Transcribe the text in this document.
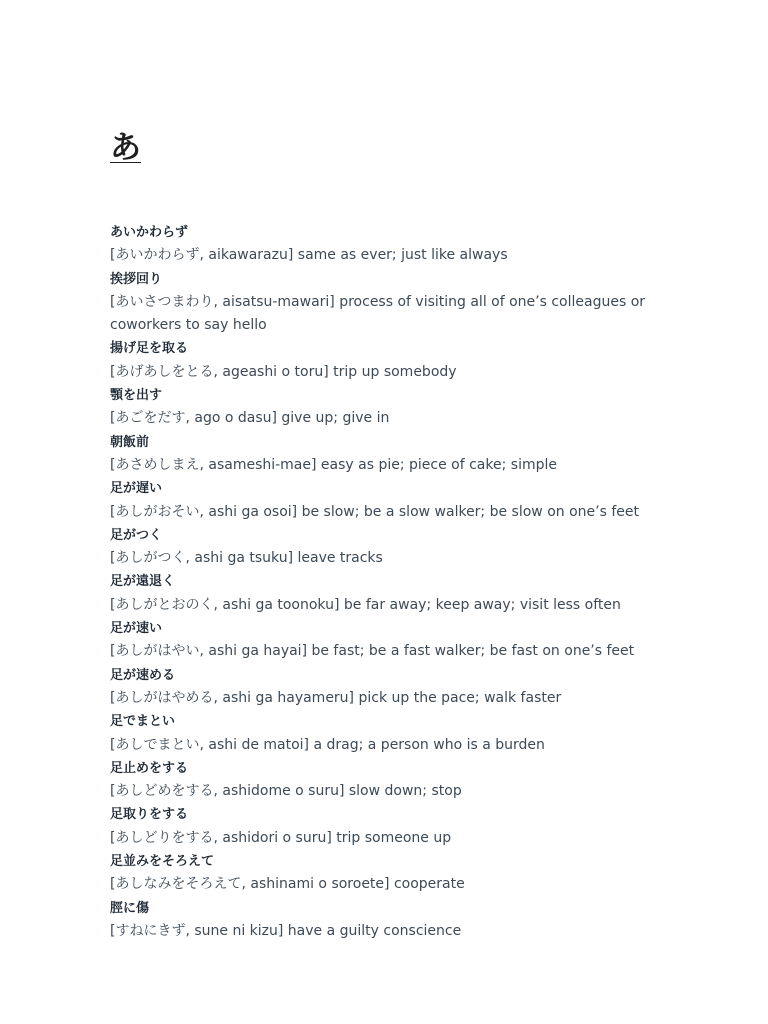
あ
あいかわらず
[あいかわらず, aikawarazu] same as ever; just like always
挨拶回り
[あいさつまわり, aisatsu-mawari] process of visiting all of one’s colleagues or coworkers to say hello
揚げ足を取る
[あげあしをとる, ageashi o toru] trip up somebody
顎を出す
[あごをだす, ago o dasu] give up; give in
朝飯前
[あさめしまえ, asameshi-mae] easy as pie; piece of cake; simple
足が遅い
[あしがおそい, ashi ga osoi] be slow; be a slow walker; be slow on one’s feet
足がつく
[あしがつく, ashi ga tsuku] leave tracks
足が遠退く
[あしがとおのく, ashi ga toonoku] be far away; keep away; visit less often
足が速い
[あしがはやい, ashi ga hayai] be fast; be a fast walker; be fast on one’s feet
足が速める
[あしがはやめる, ashi ga hayameru] pick up the pace; walk faster
足でまとい
[あしでまとい, ashi de matoi] a drag; a person who is a burden
足止めをする
[あしどめをする, ashidome o suru] slow down; stop
足取りをする
[あしどりをする, ashidori o suru] trip someone up
足並みをそろえて
[あしなみをそろえて, ashinami o soroete] cooperate
脛に傷
[すねにきず, sune ni kizu] have a guilty conscience
